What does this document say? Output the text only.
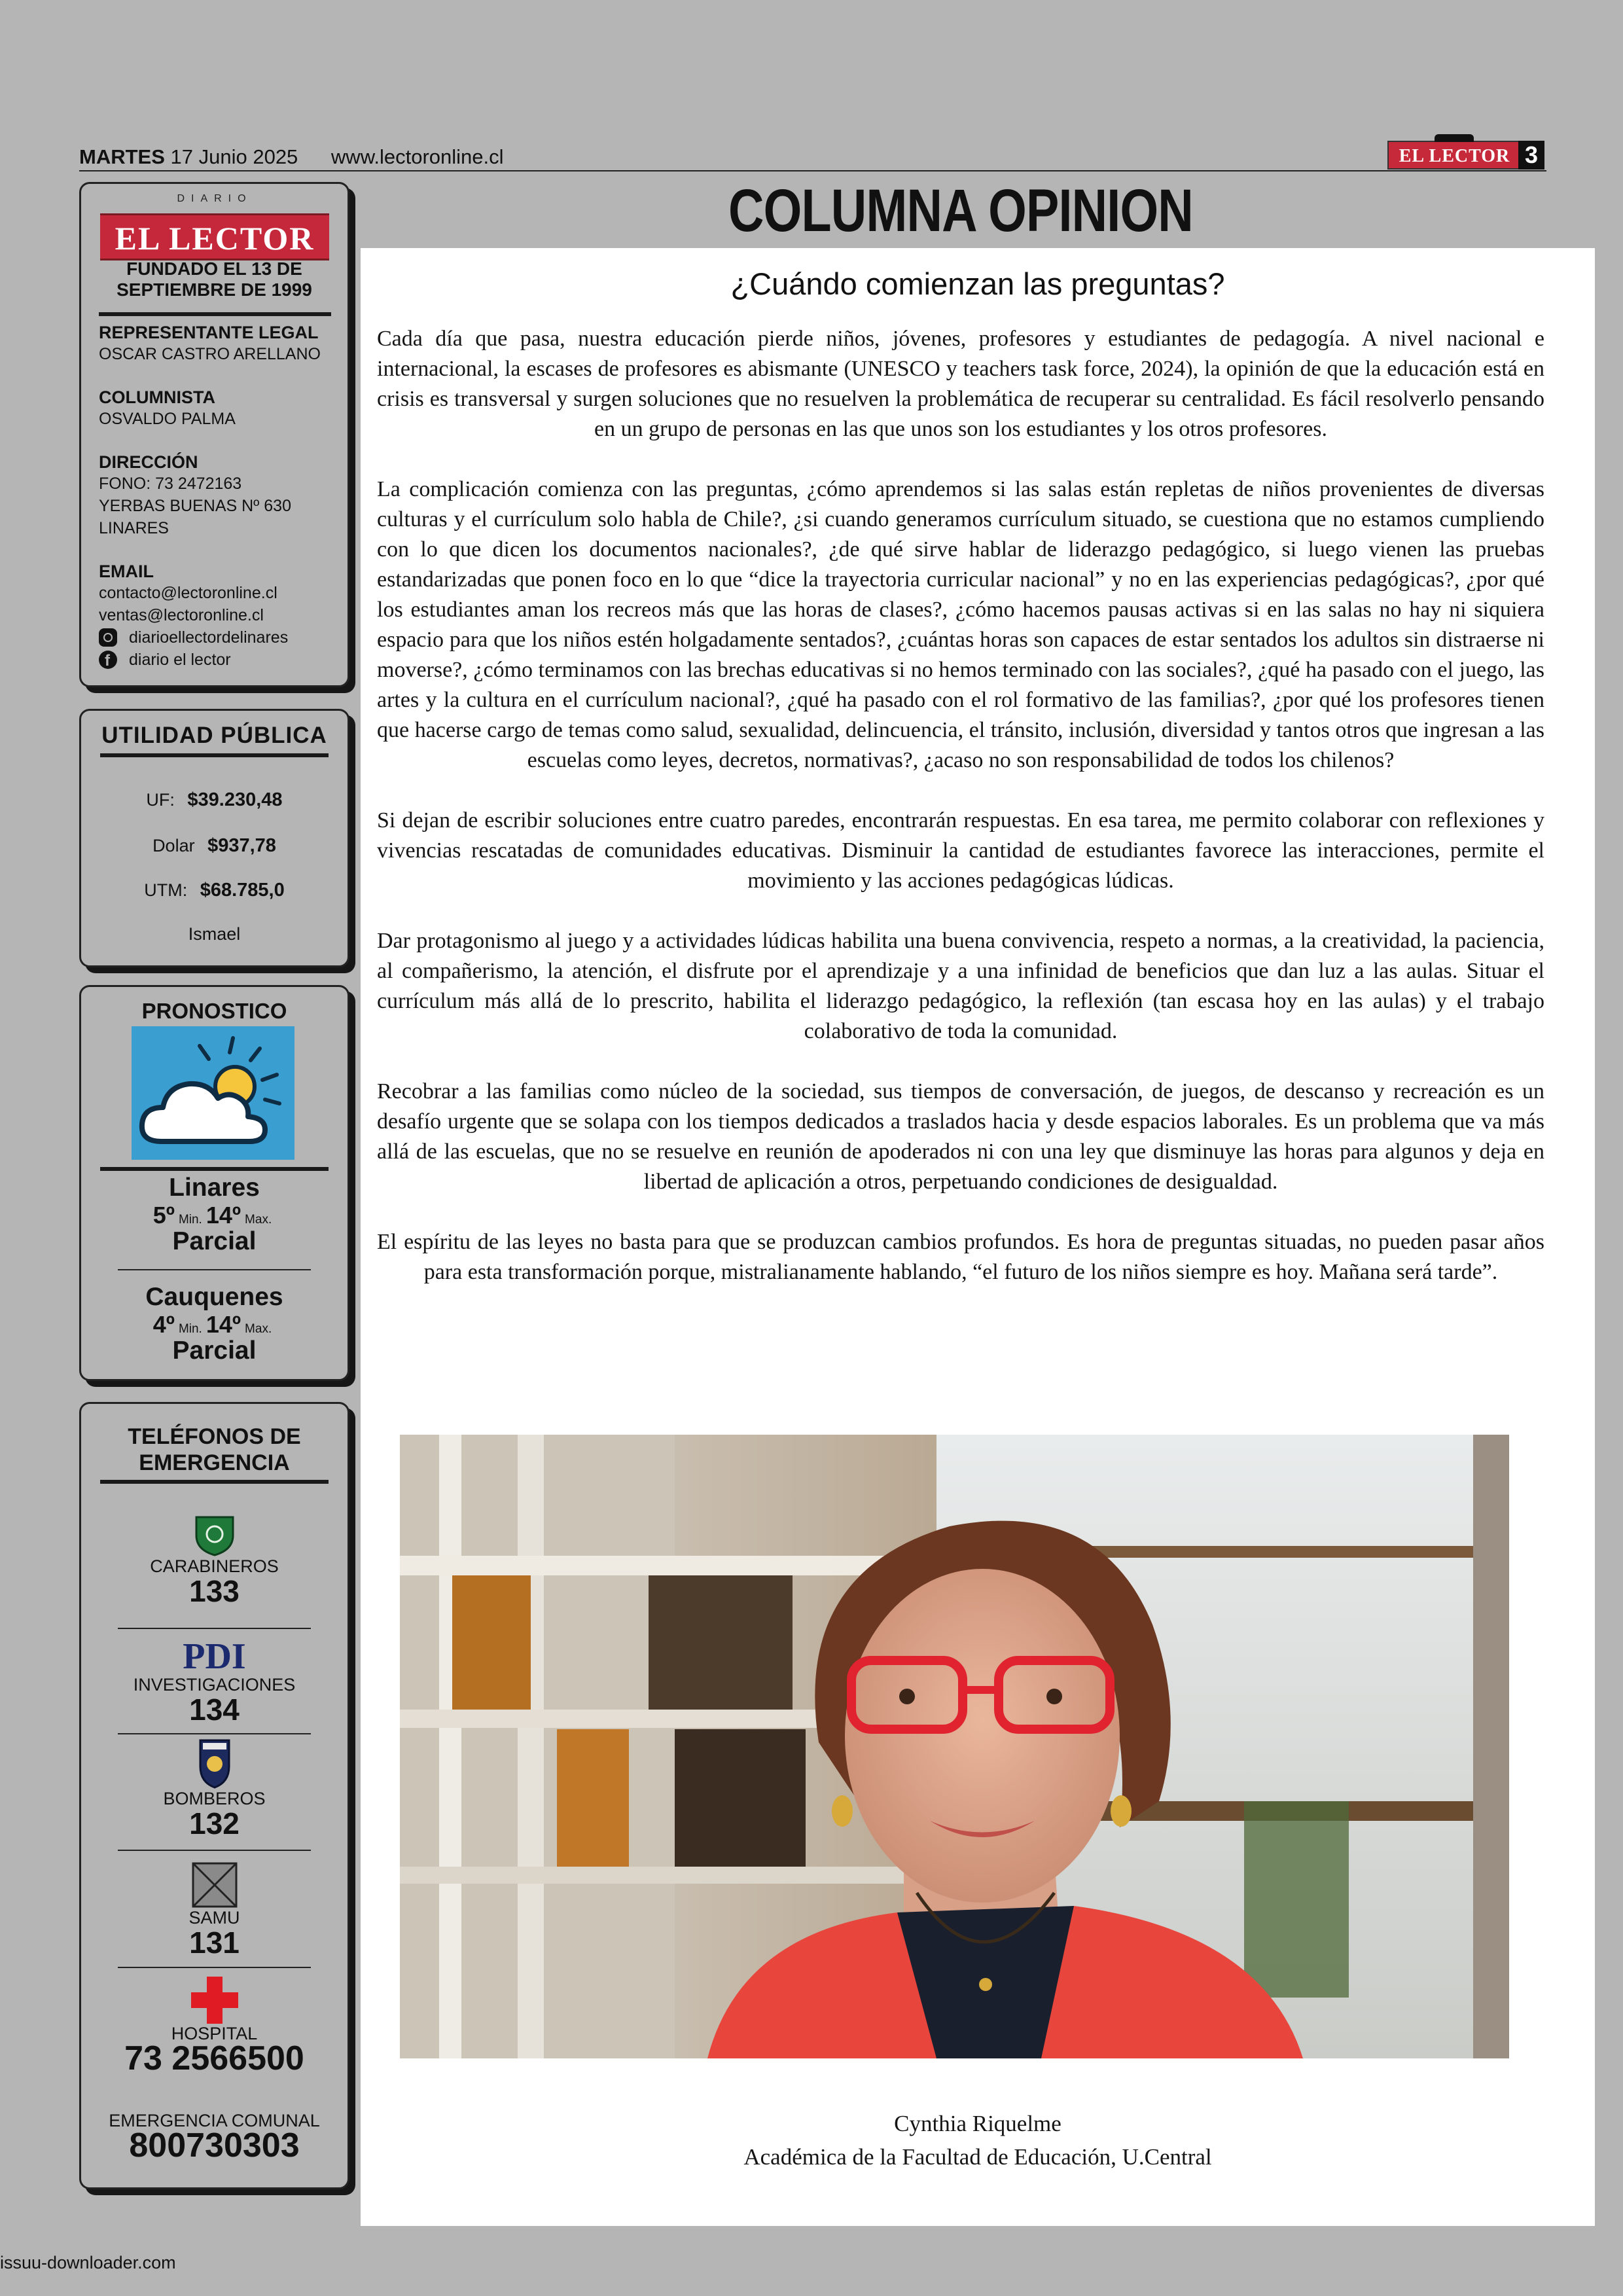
MARTES 17 Junio 2025 www.lectoronline.cl	EL LECTOR 3
DIARIO
EL LECTOR
FUNDADO EL 13 DE
SEPTIEMBRE DE 1999
REPRESENTANTE LEGAL
OSCAR CASTRO ARELLANO
COLUMNISTA
OSVALDO PALMA
DIRECCIÓN
FONO: 73 2472163
YERBAS BUENAS Nº 630
LINARES
EMAIL
contacto@lectoronline.cl
ventas@lectoronline.cl
diarioellectordelinares
f
diario el lector
UTILIDAD PÚBLICA
UF: $39.230,48
Dolar $937,78
UTM: $68.785,0
Ismael
PRONOSTICO
Linares
5º Min. 14º Max.
Parcial
Cauquenes
4º Min. 14º Max.
Parcial
TELÉFONOS DE
EMERGENCIA
CARABINEROS
133
PDI
INVESTIGACIONES
134
BOMBEROS
132
SAMU
131
HOSPITAL
73 2566500
EMERGENCIA COMUNAL
800730303
COLUMNA OPINION
¿Cuándo comienzan las preguntas?

Cada día que pasa, nuestra educación pierde niños, jóvenes, profesores y estudiantes de pedagogía. A nivel nacional e internacional, la escases de profesores es abismante (UNESCO y teachers task force, 2024), la opinión de que la educación está en crisis es transversal y surgen soluciones que no resuelven la problemática de recuperar su centralidad. Es fácil resolverlo pensando en un grupo de personas en las que unos son los estudiantes y los otros profesores.

La complicación comienza con las preguntas, ¿cómo aprendemos si las salas están repletas de niños provenientes de diversas culturas y el currículum solo habla de Chile?, ¿si cuando generamos currículum situado, se cuestiona que no estamos cumpliendo con lo que dicen los documentos nacionales?, ¿de qué sirve hablar de liderazgo pedagógico, si luego vienen las pruebas estandarizadas que ponen foco en lo que “dice la trayectoria curricular nacional” y no en las experiencias pedagógicas?, ¿por qué los estudiantes aman los recreos más que las horas de clases?, ¿cómo hacemos pausas activas si en las salas no hay ni siquiera espacio para que los niños estén holgadamente sentados?, ¿cuántas horas son capaces de estar sentados los adultos sin distraerse ni moverse?, ¿cómo terminamos con las brechas educativas si no hemos terminado con las sociales?, ¿qué ha pasado con el juego, las artes y la cultura en el currículum nacional?, ¿qué ha pasado con el rol formativo de las familias?, ¿por qué los profesores tienen que hacerse cargo de temas como salud, sexualidad, delincuencia, el tránsito, inclusión, diversidad y tantos otros que ingresan a las escuelas como leyes, decretos, normativas?, ¿acaso no son responsabilidad de todos los chilenos?

Si dejan de escribir soluciones entre cuatro paredes, encontrarán respuestas. En esa tarea, me permito colaborar con reflexiones y vivencias rescatadas de comunidades educativas. Disminuir la cantidad de estudiantes favorece las interacciones, permite el movimiento y las acciones pedagógicas lúdicas.

Dar protagonismo al juego y a actividades lúdicas habilita una buena convivencia, respeto a normas, a la creatividad, la paciencia, al compañerismo, la atención, el disfrute por el aprendizaje y a una infinidad de beneficios que dan luz a las aulas. Situar el currículum más allá de lo prescrito, habilita el liderazgo pedagógico, la reflexión (tan escasa hoy en las aulas) y el trabajo colaborativo de toda la comunidad.

Recobrar a las familias como núcleo de la sociedad, sus tiempos de conversación, de juegos, de descanso y recreación es un desafío urgente que se solapa con los tiempos dedicados a traslados hacia y desde espacios laborales. Es un problema que va más allá de las escuelas, que no se resuelve en reunión de apoderados ni con una ley que disminuye las horas para algunos y deja en libertad de aplicación a otros, perpetuando condiciones de desigualdad.

El espíritu de las leyes no basta para que se produzcan cambios profundos. Es hora de preguntas situadas, no pueden pasar años para esta transformación porque, mistralianamente hablando, “el futuro de los niños siempre es hoy. Mañana será tarde”.

Cynthia Riquelme
Académica de la Facultad de Educación, U.Central
issuu-downloader.com
